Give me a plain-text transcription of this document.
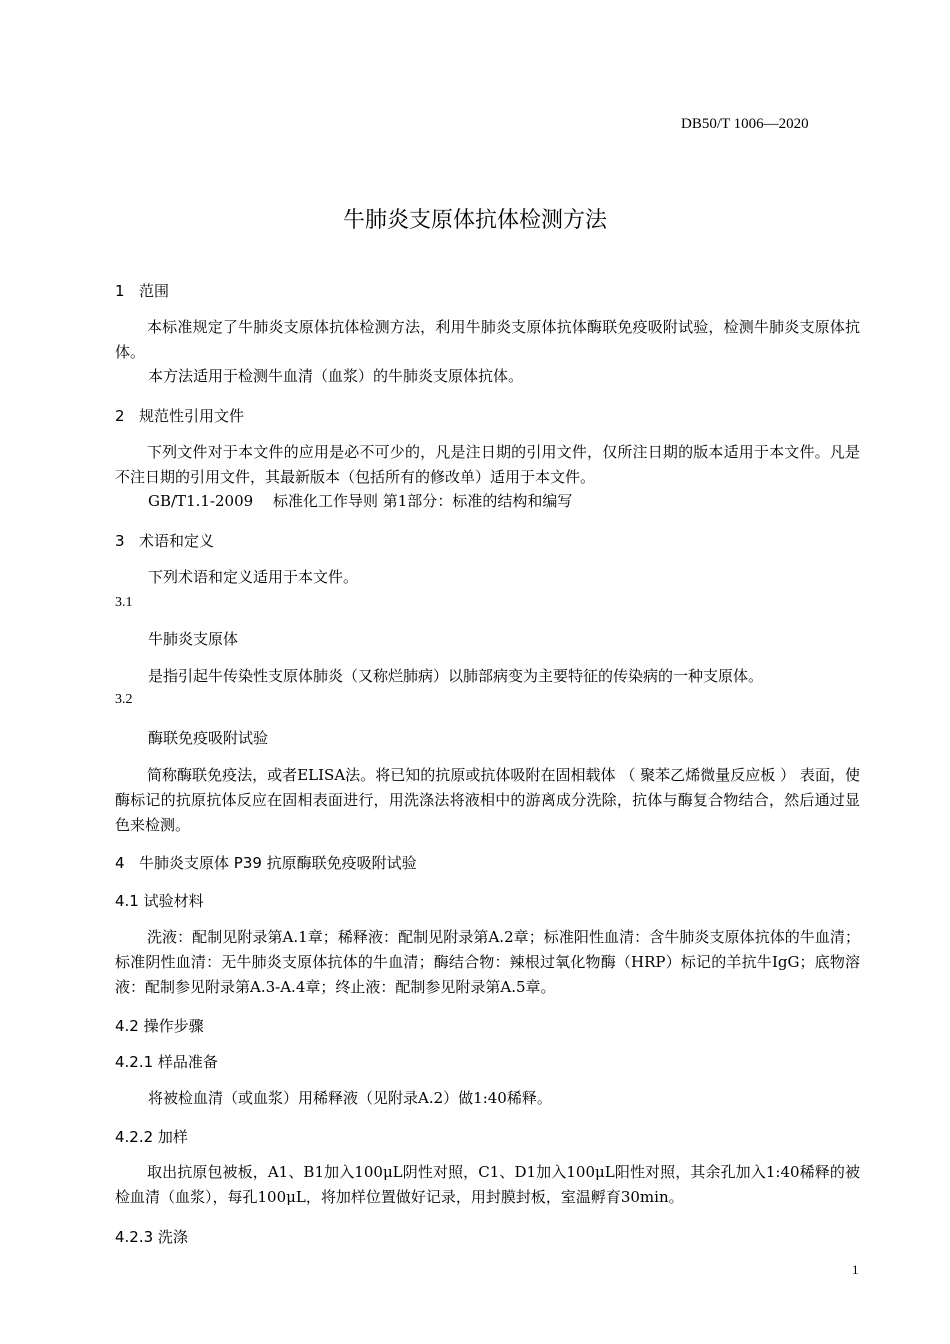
DB50/T 1006—2020
牛肺炎支原体抗体检测方法
1 范围
本标准规定了牛肺炎支原体抗体检测方法，利用牛肺炎支原体抗体酶联免疫吸附试验，检测牛肺炎支原体抗体。
本方法适用于检测牛血清（血浆）的牛肺炎支原体抗体。
2 规范性引用文件
下列文件对于本文件的应用是必不可少的，凡是注日期的引用文件，仅所注日期的版本适用于本文件。凡是不注日期的引用文件，其最新版本（包括所有的修改单）适用于本文件。
GB/T1.1-2009 标准化工作导则 第1部分：标准的结构和编写
3 术语和定义
下列术语和定义适用于本文件。
3.1
牛肺炎支原体
是指引起牛传染性支原体肺炎（又称烂肺病）以肺部病变为主要特征的传染病的一种支原体。
3.2
酶联免疫吸附试验
简称酶联免疫法，或者ELISA法。将已知的抗原或抗体吸附在固相载体 （ 聚苯乙烯微量反应板 ） 表面，使酶标记的抗原抗体反应在固相表面进行，用洗涤法将液相中的游离成分洗除，抗体与酶复合物结合，然后通过显色来检测。
4 牛肺炎支原体 P39 抗原酶联免疫吸附试验
4.1 试验材料
洗液：配制见附录第A.1章；稀释液：配制见附录第A.2章；标准阳性血清：含牛肺炎支原体抗体的牛血清；标准阴性血清：无牛肺炎支原体抗体的牛血清；酶结合物：辣根过氧化物酶（HRP）标记的羊抗牛IgG；底物溶液：配制参见附录第A.3-A.4章；终止液：配制参见附录第A.5章。
4.2 操作步骤
4.2.1 样品准备
将被检血清（或血浆）用稀释液（见附录A.2）做1:40稀释。
4.2.2 加样
取出抗原包被板，A1、B1加入100μL阴性对照，C1、D1加入100μL阳性对照，其余孔加入1:40稀释的被检血清（血浆），每孔100μL，将加样位置做好记录，用封膜封板，室温孵育30min。
4.2.3 洗涤
1
